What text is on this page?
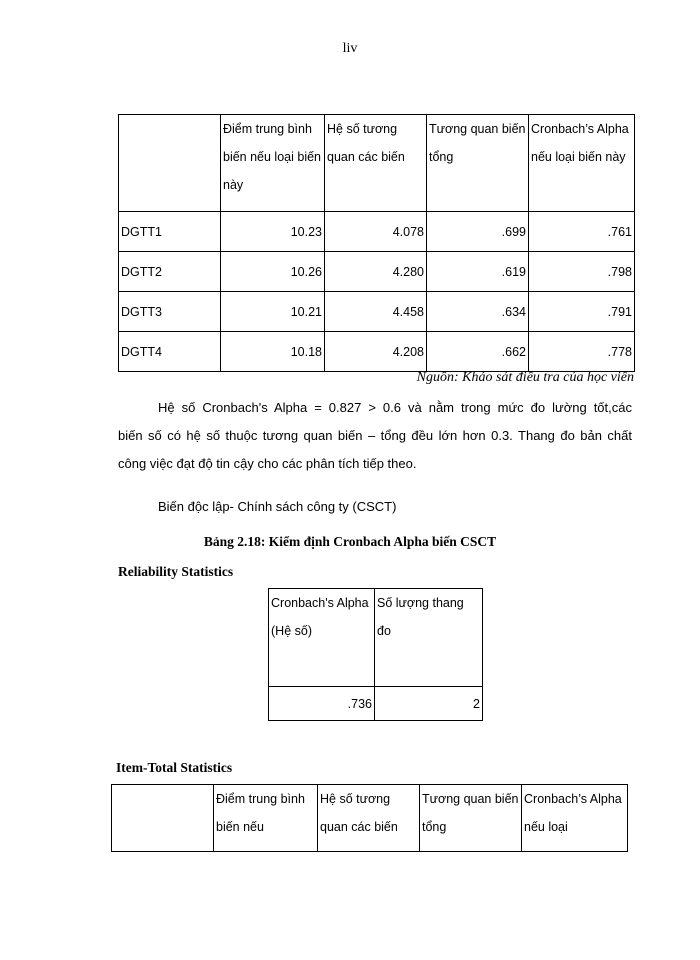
liv
	Điểm trung bình biến nếu loại biến này	Hệ số tương quan các biến	Tương quan biến tổng	Cronbach’s Alpha nếu loại biến này
DGTT1	10.23	4.078	.699	.761
DGTT2	10.26	4.280	.619	.798
DGTT3	10.21	4.458	.634	.791
DGTT4	10.18	4.208	.662	.778
Nguồn: Khảo sát điều tra của học viên
Hệ số Cronbach's Alpha = 0.827 > 0.6 và nằm trong mức đo lường tốt,các
biến số có hệ số thuộc tương quan biến – tổng đều lớn hơn 0.3. Thang đo bản chất
công việc đạt độ tin cậy cho các phân tích tiếp theo.
Biến độc lập- Chính sách công ty (CSCT)
Bảng 2.18: Kiểm định Cronbach Alpha biến CSCT
Reliability Statistics
Cronbach's Alpha (Hệ số)	Số lượng thang đo
.736	2
Item-Total Statistics
	Điểm trung bình biến nếu	Hệ số tương quan các biến	Tương quan biến tổng	Cronbach’s Alpha nếu loại
